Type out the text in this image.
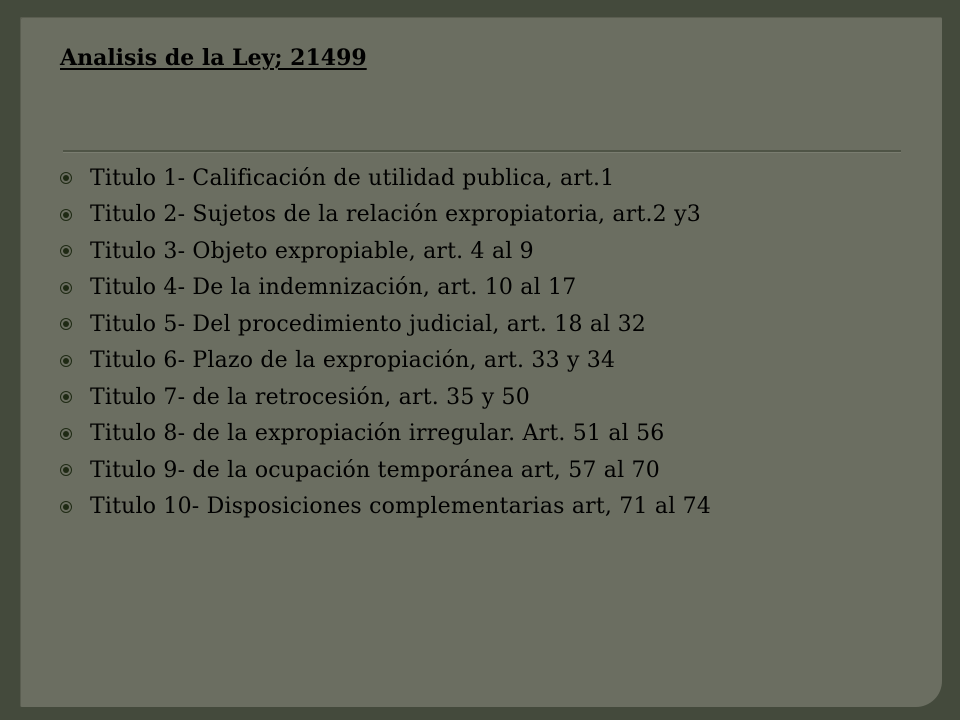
Analisis de la Ley; 21499
Titulo 1- Calificación de utilidad publica, art.1
Titulo 2- Sujetos de la relación expropiatoria, art.2 y3
Titulo 3- Objeto expropiable, art. 4 al 9
Titulo 4- De la indemnización, art. 10 al 17
Titulo 5- Del procedimiento judicial, art. 18 al 32
Titulo 6- Plazo de la expropiación, art. 33 y 34
Titulo 7- de la retrocesión, art. 35 y 50
Titulo 8- de la expropiación irregular. Art. 51 al 56
Titulo 9- de la ocupación temporánea art, 57 al 70
Titulo 10- Disposiciones complementarias art, 71 al 74
